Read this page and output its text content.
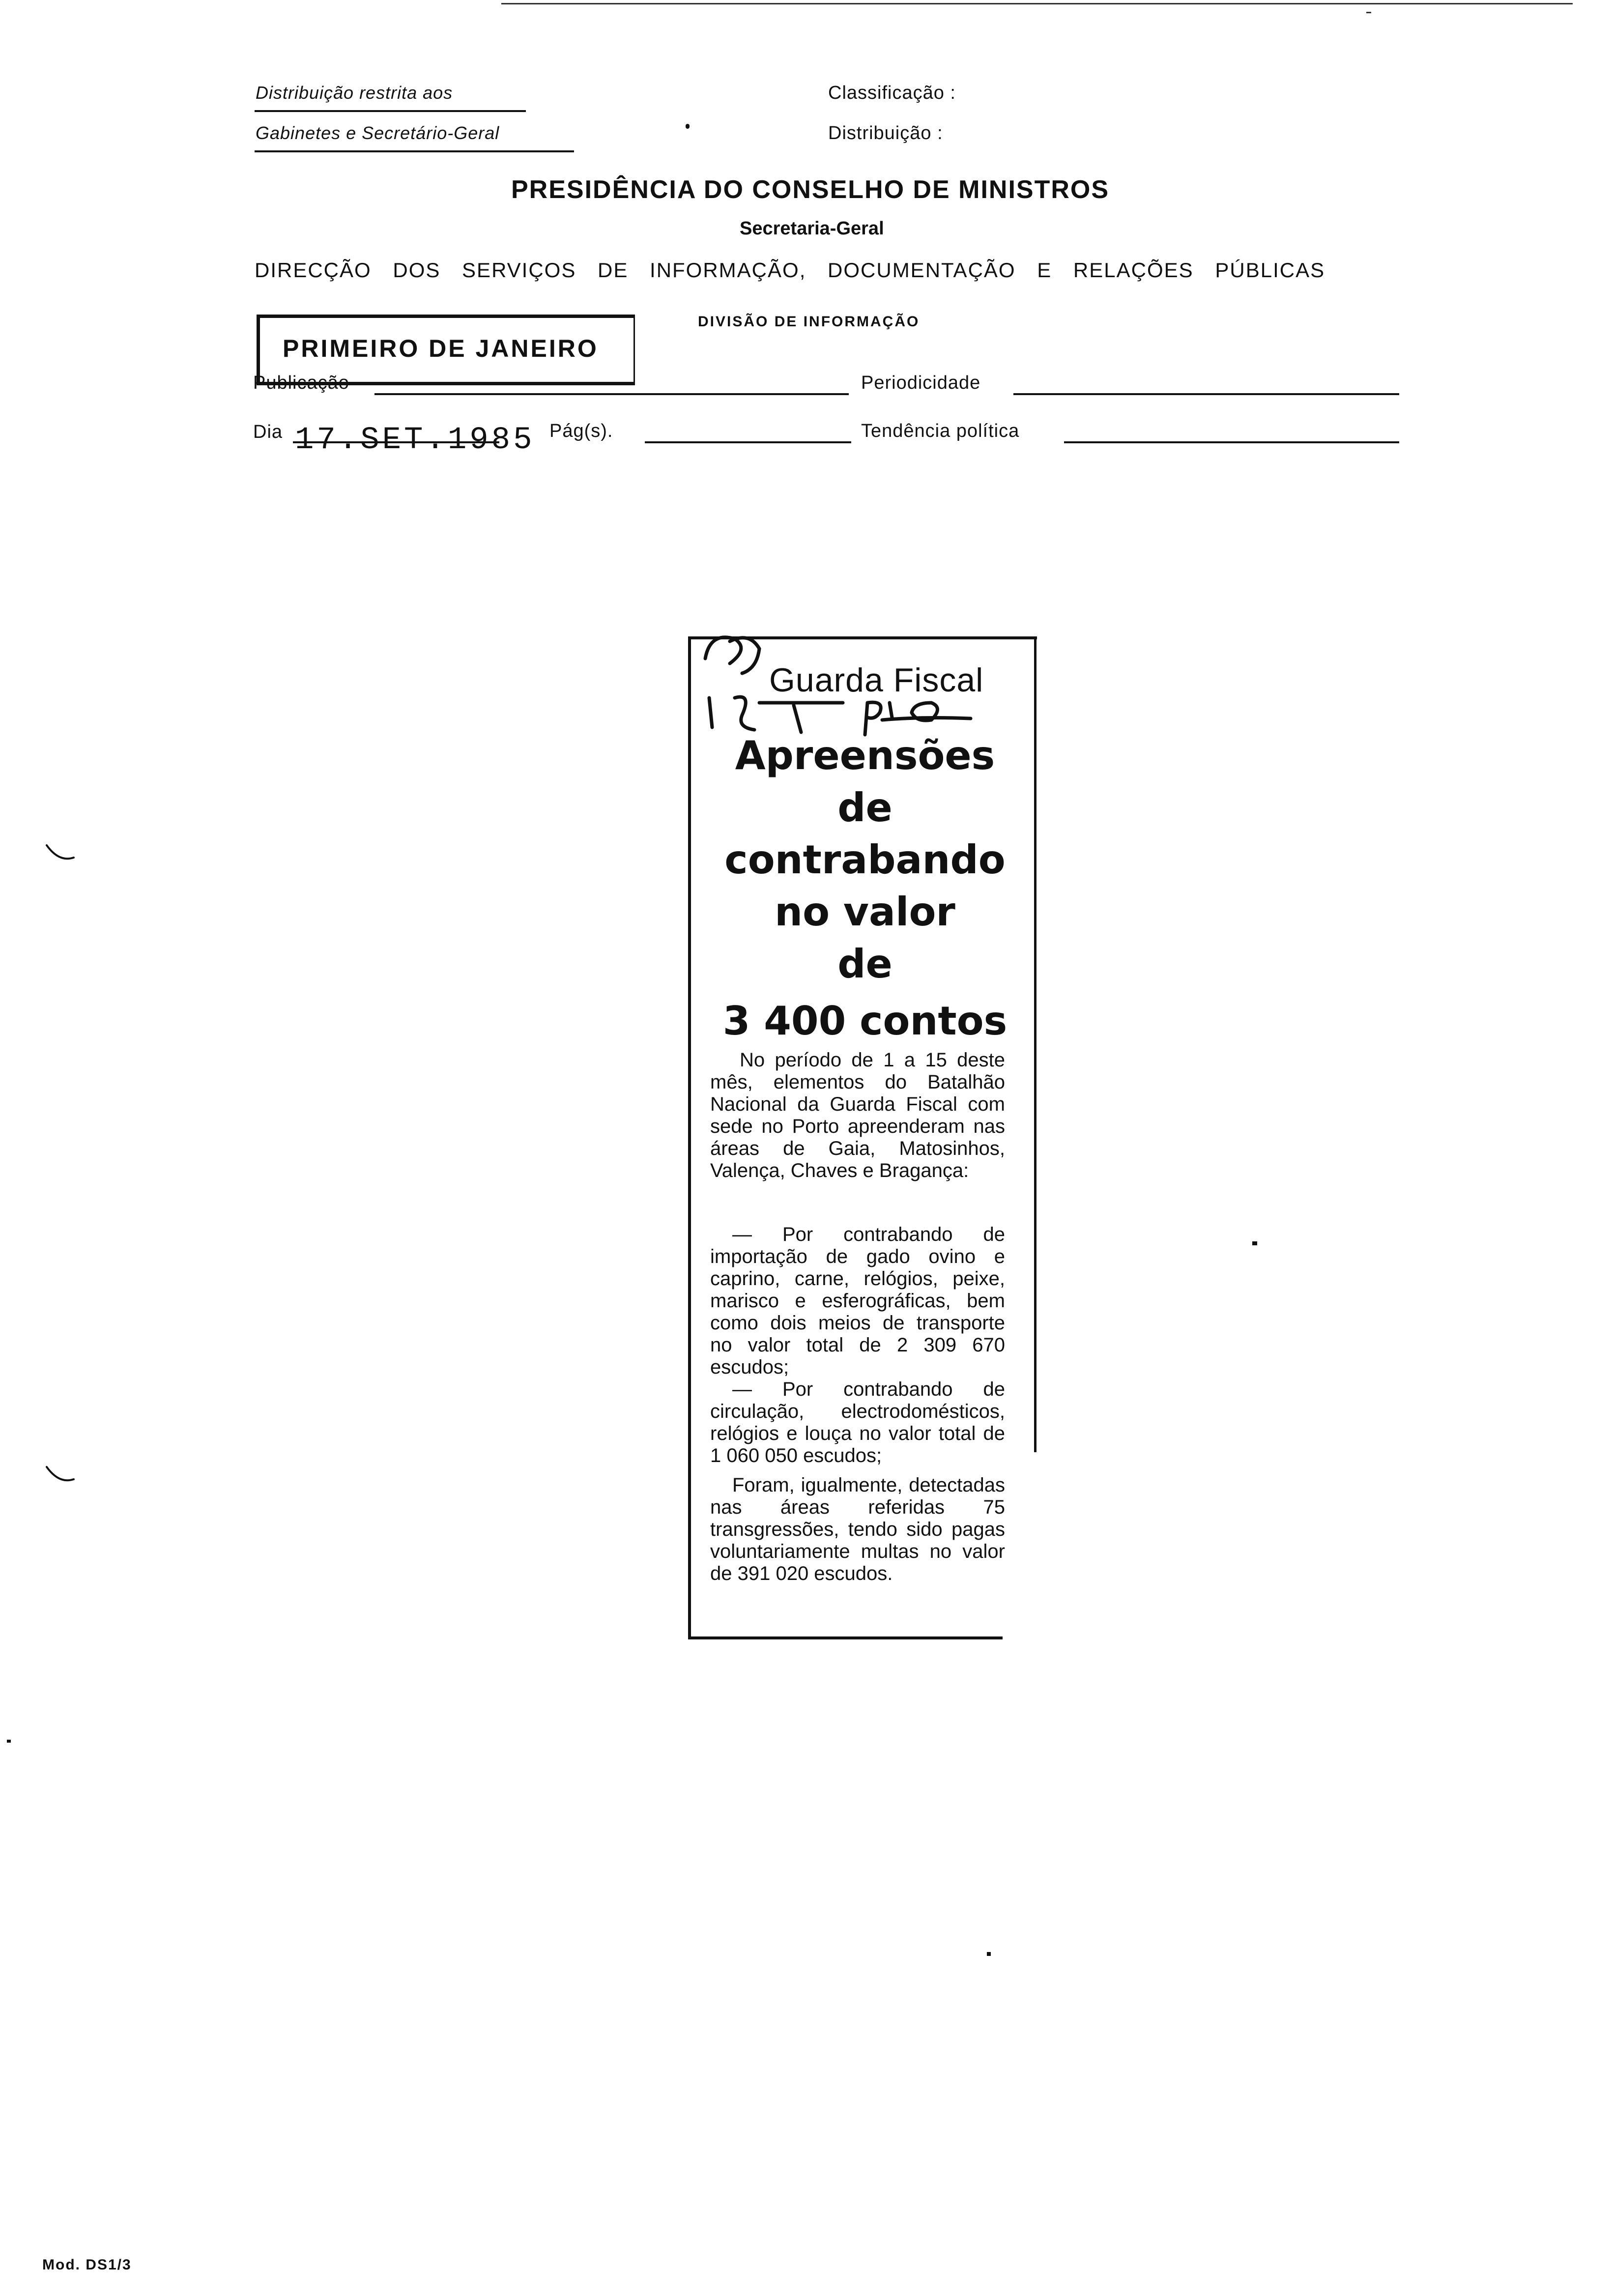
Distribuição restrita aos
Gabinetes e Secretário-Geral
Classificação :
Distribuição :
PRESIDÊNCIA DO CONSELHO DE MINISTROS
Secretaria-Geral
DIRECÇÃO DOS SERVIÇOS DE INFORMAÇÃO, DOCUMENTAÇÃO E RELAÇÕES PÚBLICAS
DIVISÃO DE INFORMAÇÃO
PRIMEIRO DE JANEIRO
Publicação	Periodicidade
Dia 17.SET.1985 Pág(s).	Tendência política
Guarda Fiscal
Apreensões
de
contrabando
no valor
de
3 400 contos
No período de 1 a 15 deste mês, elementos do Batalhão Nacional da Guarda Fiscal com sede no Porto apreenderam nas áreas de Gaia, Matosinhos, Valença, Chaves e Bragança:
— Por contrabando de importação de gado ovino e caprino, carne, relógios, peixe, marisco e esferográficas, bem como dois meios de transporte no valor total de 2 309 670 escudos;
— Por contrabando de circulação, electrodomésticos, relógios e louça no valor total de 1 060 050 escudos;
Foram, igualmente, detectadas nas áreas referidas 75 transgressões, tendo sido pagas voluntariamente multas no valor de 391 020 escudos.
Mod. DS1/3
